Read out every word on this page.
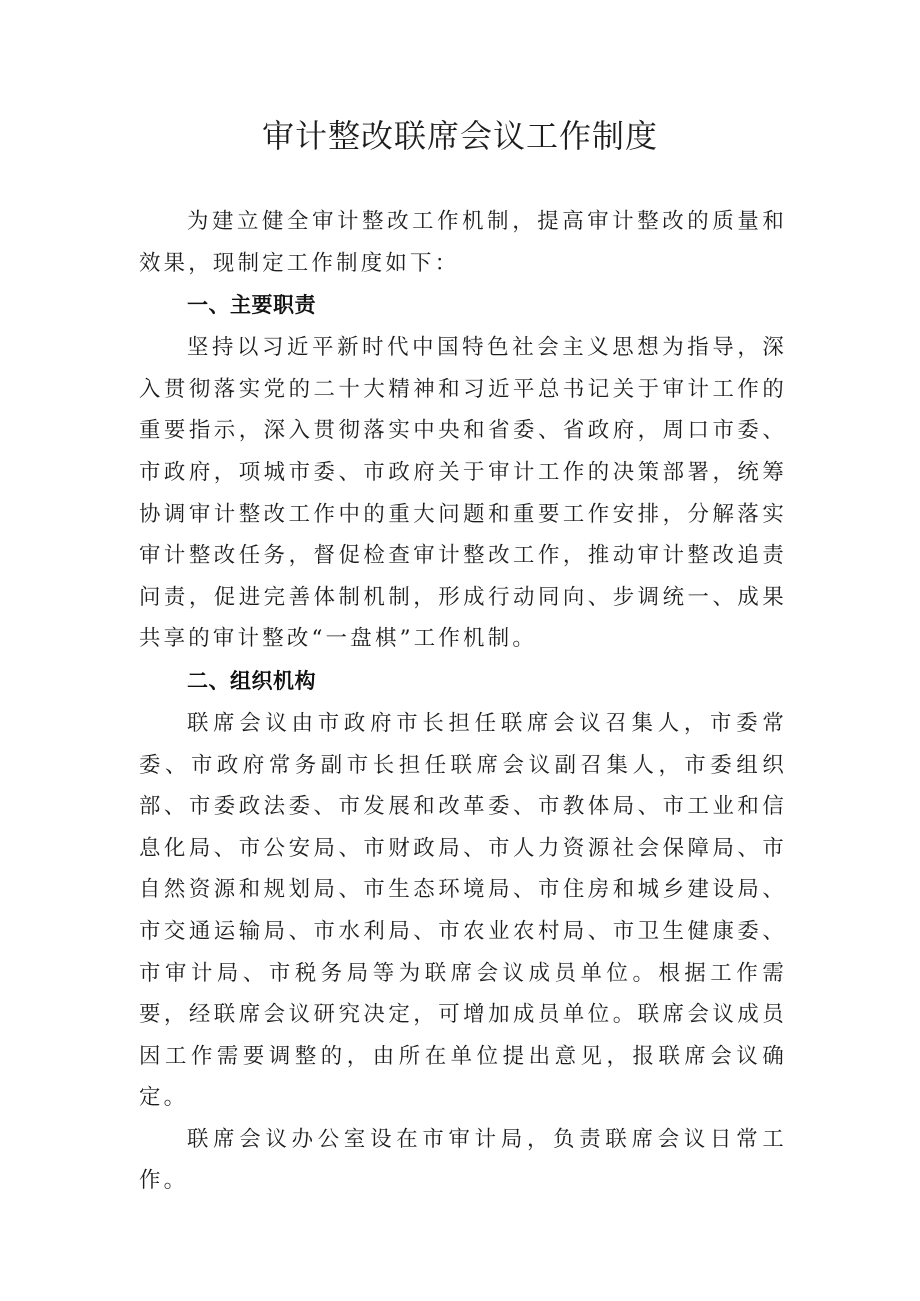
审计整改联席会议工作制度

为建立健全审计整改工作机制，提高审计整改的质量和效果，现制定工作制度如下：

一、主要职责

坚持以习近平新时代中国特色社会主义思想为指导，深入贯彻落实党的二十大精神和习近平总书记关于审计工作的重要指示，深入贯彻落实中央和省委、省政府，周口市委、市政府，项城市委、市政府关于审计工作的决策部署，统筹协调审计整改工作中的重大问题和重要工作安排，分解落实审计整改任务，督促检查审计整改工作，推动审计整改追责问责，促进完善体制机制，形成行动同向、步调统一、成果共享的审计整改“一盘棋”工作机制。

二、组织机构

联席会议由市政府市长担任联席会议召集人，市委常委、市政府常务副市长担任联席会议副召集人，市委组织部、市委政法委、市发展和改革委、市教体局、市工业和信息化局、市公安局、市财政局、市人力资源社会保障局、市自然资源和规划局、市生态环境局、市住房和城乡建设局、市交通运输局、市水利局、市农业农村局、市卫生健康委、市审计局、市税务局等为联席会议成员单位。根据工作需要，经联席会议研究决定，可增加成员单位。联席会议成员因工作需要调整的，由所在单位提出意见，报联席会议确定。

联席会议办公室设在市审计局，负责联席会议日常工作。
